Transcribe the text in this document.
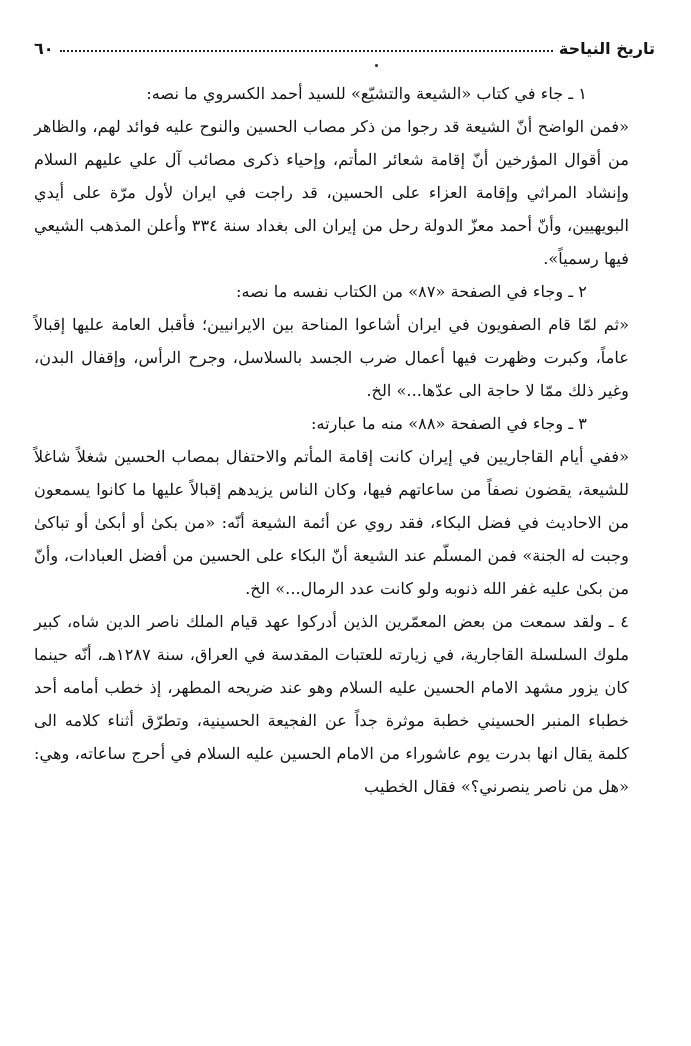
تاريخ النياحة
٦٠

١ ـ جاء في كتاب «الشيعة والتشيّع» للسيد أحمد الكسروي ما نصه:

«فمن الواضح أنّ الشيعة قد رجوا من ذكر مصاب الحسين والنوح عليه فوائد لهم، والظاهر من أقوال المؤرخين أنّ إقامة شعائر المأتم، وإحياء ذكرى مصائب آل علي عليهم السلام وإنشاد المراثي وإقامة العزاء على الحسين، قد راجت في ايران لأول مرّة على أيدي البويهيين، وأنّ أحمد معزّ الدولة رحل من إيران الى بغداد سنة ٣٣٤ وأعلن المذهب الشيعي فيها رسمياً».

٢ ـ وجاء في الصفحة «٨٧» من الكتاب نفسه ما نصه:

«ثم لمّا قام الصفويون في ايران أشاعوا المناحة بين الايرانيين؛ فأقبل العامة عليها إقبالاً عاماً، وكبرت وظهرت فيها أعمال ضرب الجسد بالسلاسل، وجرح الرأس، وإقفال البدن، وغير ذلك ممّا لا حاجة الى عدّها...» الخ.

٣ ـ وجاء في الصفحة «٨٨» منه ما عبارته:

«ففي أيام القاجاريين في إيران كانت إقامة المأتم والاحتفال بمصاب الحسين شغلاً شاغلاً للشيعة، يقضون نصفاً من ساعاتهم فيها، وكان الناس يزيدهم إقبالاً عليها ما كانوا يسمعون من الاحاديث في فضل البكاء، فقد روي عن أئمة الشيعة أنّه: «من بكىٰ أو أبكىٰ أو تباكىٰ وجبت له الجنة» فمن المسلّم عند الشيعة أنّ البكاء على الحسين من أفضل العبادات، وأنّ من بكىٰ عليه غفر الله ذنوبه ولو كانت عدد الرمال...» الخ.

٤ ـ ولقد سمعت من بعض المعمّرين الذين أدركوا عهد قيام الملك ناصر الدين شاه، كبير ملوك السلسلة القاجارية، في زيارته للعتبات المقدسة في العراق، سنة ١٢٨٧هـ، أنّه حينما كان يزور مشهد الامام الحسين عليه السلام وهو عند ضريحه المطهر، إذ خطب أمامه أحد خطباء المنبر الحسيني خطبة موثرة جداً عن الفجيعة الحسينية، وتطرّق أثناء كلامه الى كلمة يقال انها بدرت يوم عاشوراء من الامام الحسين عليه السلام في أحرج ساعاته، وهي: «هل من ناصر ينصرني؟» فقال الخطيب
